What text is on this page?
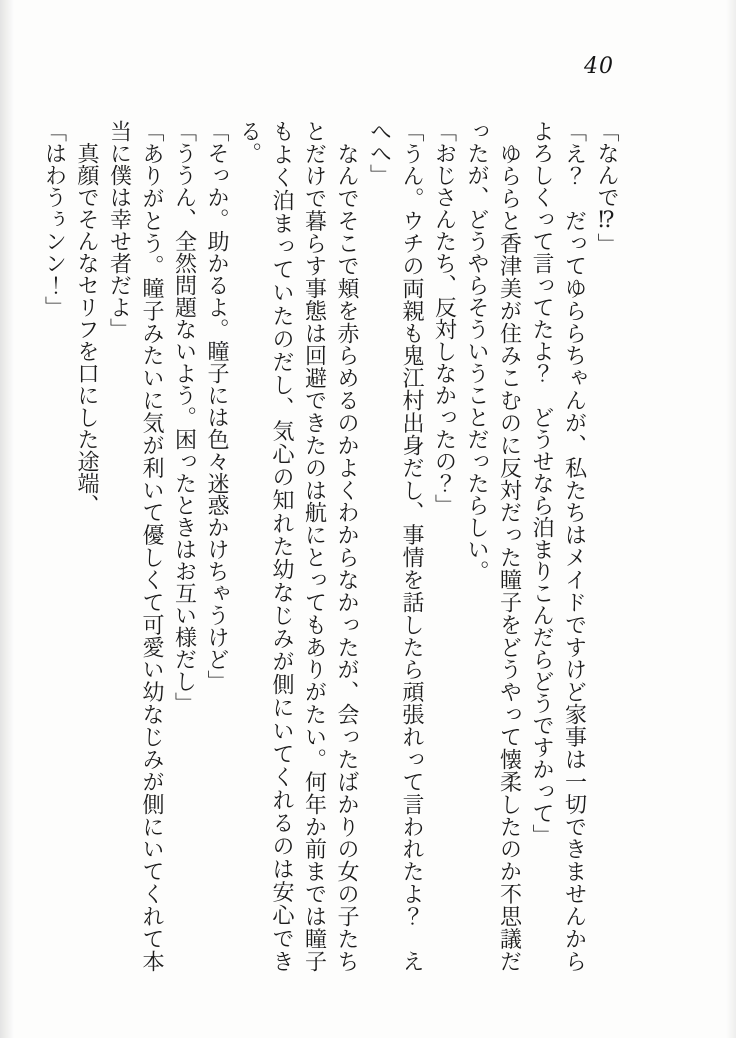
40

「なんで⁉」

「え？　だってゆららちゃんが、私たちはメイドですけど家事は一切できませんからよろしくって言ってたよ？　どうせなら泊まりこんだらどうですかって」

　ゆららと香津美が住みこむのに反対だった瞳子をどうやって懐柔したのか不思議だったが、どうやらそういうことだったらしい。

「おじさんたち、反対しなかったの？」

「うん。ウチの両親も鬼江村出身だし、事情を話したら頑張れって言われたよ？　えへへ」

　なんでそこで頬を赤らめるのかよくわからなかったが、会ったばかりの女の子たちとだけで暮らす事態は回避できたのは航にとってもありがたい。何年か前までは瞳子もよく泊まっていたのだし、気心の知れた幼なじみが側にいてくれるのは安心できる。

「そっか。助かるよ。瞳子には色々迷惑かけちゃうけど」

「ううん、全然問題ないよう。困ったときはお互い様だし」

「ありがとう。瞳子みたいに気が利いて優しくて可愛い幼なじみが側にいてくれて本当に僕は幸せ者だよ」

　真顔でそんなセリフを口にした途端、

「はわうぅンン！」
